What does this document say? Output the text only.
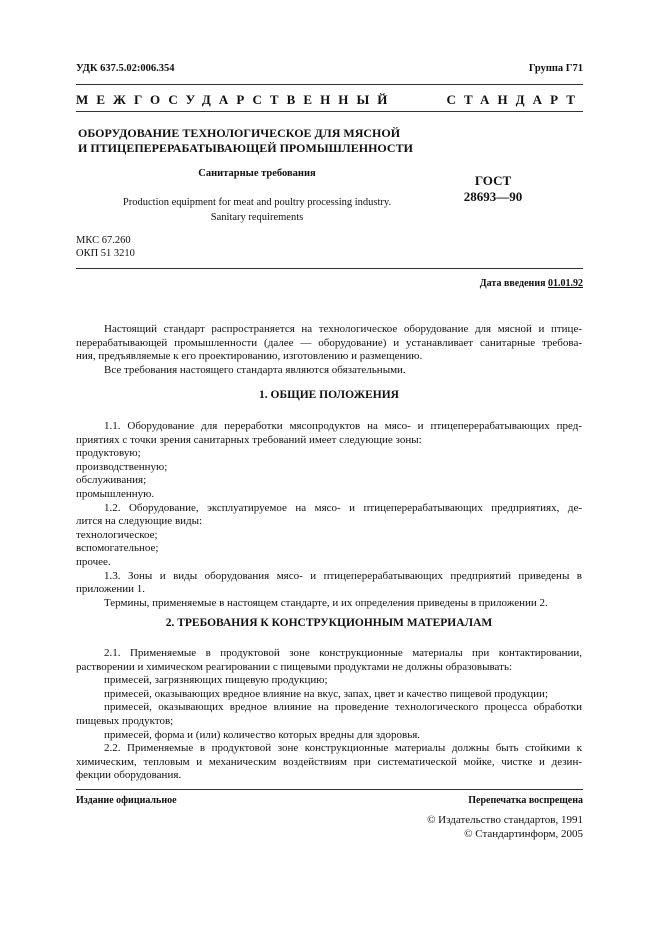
УДК 637.5.02:006.354	Группа Г71
МЕЖГОСУДАРСТВЕННЫЙ СТАНДАРТ
ОБОРУДОВАНИЕ ТЕХНОЛОГИЧЕСКОЕ ДЛЯ МЯСНОЙ
И ПТИЦЕПЕРЕРАБАТЫВАЮЩЕЙ ПРОМЫШЛЕННОСТИ
Санитарные требования
Production equipment for meat and poultry processing industry.
Sanitary requirements
ГОСТ
28693—90
МКС 67.260
ОКП 51 3210
Дата введения 01.01.92
Настоящий стандарт распространяется на технологическое оборудование для мясной и птице-
перерабатывающей промышленности (далее — оборудование) и устанавливает санитарные требова-
ния, предъявляемые к его проектированию, изготовлению и размещению.
Все требования настоящего стандарта являются обязательными.
1. ОБЩИЕ ПОЛОЖЕНИЯ
1.1. Оборудование для переработки мясопродуктов на мясо- и птицеперерабатывающих пред-
приятиях с точки зрения санитарных требований имеет следующие зоны:
продуктовую;
производственную;
обслуживания;
промышленную.
1.2. Оборудование, эксплуатируемое на мясо- и птицеперерабатывающих предприятиях, де-
лится на следующие виды:
технологическое;
вспомогательное;
прочее.
1.3. Зоны и виды оборудования мясо- и птицеперерабатывающих предприятий приведены в
приложении 1.
Термины, применяемые в настоящем стандарте, и их определения приведены в приложении 2.
2. ТРЕБОВАНИЯ К КОНСТРУКЦИОННЫМ МАТЕРИАЛАМ
2.1. Применяемые в продуктовой зоне конструкционные материалы при контактировании,
растворении и химическом реагировании с пищевыми продуктами не должны образовывать:
примесей, загрязняющих пищевую продукцию;
примесей, оказывающих вредное влияние на вкус, запах, цвет и качество пищевой продукции;
примесей, оказывающих вредное влияние на проведение технологического процесса обработки
пищевых продуктов;
примесей, форма и (или) количество которых вредны для здоровья.
2.2. Применяемые в продуктовой зоне конструкционные материалы должны быть стойкими к
химическим, тепловым и механическим воздействиям при систематической мойке, чистке и дезин-
фекции оборудования.
Издание официальное	Перепечатка воспрещена
© Издательство стандартов, 1991
© Стандартинформ, 2005
